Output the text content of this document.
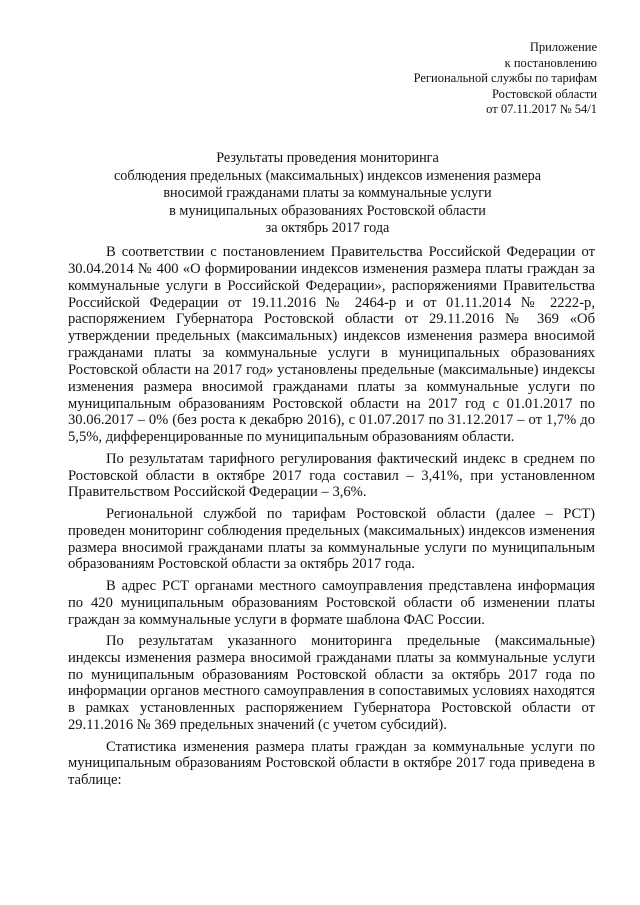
Приложение
к постановлению
Региональной службы по тарифам
Ростовской области
от 07.11.2017 № 54/1
Результаты проведения мониторинга
соблюдения предельных (максимальных) индексов изменения размера
вносимой гражданами платы за коммунальные услуги
в муниципальных образованиях Ростовской области
за октябрь 2017 года

В соответствии с постановлением Правительства Российской Федерации от 30.04.2014 № 400 «О формировании индексов изменения размера платы граждан за коммунальные услуги в Российской Федерации», распоряжениями Правительства Российской Федерации от 19.11.2016 № 2464-р и от 01.11.2014 № 2222-р, распоряжением Губернатора Ростовской области от 29.11.2016 № 369 «Об утверждении предельных (максимальных) индексов изменения размера вносимой гражданами платы за коммунальные услуги в муниципальных образованиях Ростовской области на 2017 год» установлены предельные (максимальные) индексы изменения размера вносимой гражданами платы за коммунальные услуги по муниципальным образованиям Ростовской области на 2017 год с 01.01.2017 по 30.06.2017 – 0% (без роста к декабрю 2016), с 01.07.2017 по 31.12.2017 – от 1,7% до 5,5%, дифференцированные по муниципальным образованиям области.

По результатам тарифного регулирования фактический индекс в среднем по Ростовской области в октябре 2017 года составил – 3,41%, при установленном Правительством Российской Федерации – 3,6%.

Региональной службой по тарифам Ростовской области (далее – РСТ) проведен мониторинг соблюдения предельных (максимальных) индексов изменения размера вносимой гражданами платы за коммунальные услуги по муниципальным образованиям Ростовской области за октябрь 2017 года.

В адрес РСТ органами местного самоуправления представлена информация по 420 муниципальным образованиям Ростовской области об изменении платы граждан за коммунальные услуги в формате шаблона ФАС России.

По результатам указанного мониторинга предельные (максимальные) индексы изменения размера вносимой гражданами платы за коммунальные услуги по муниципальным образованиям Ростовской области за октябрь 2017 года по информации органов местного самоуправления в сопоставимых условиях находятся в рамках установленных распоряжением Губернатора Ростовской области от 29.11.2016 № 369 предельных значений (с учетом субсидий).

Статистика изменения размера платы граждан за коммунальные услуги по муниципальным образованиям Ростовской области в октябре 2017 года приведена в таблице:
